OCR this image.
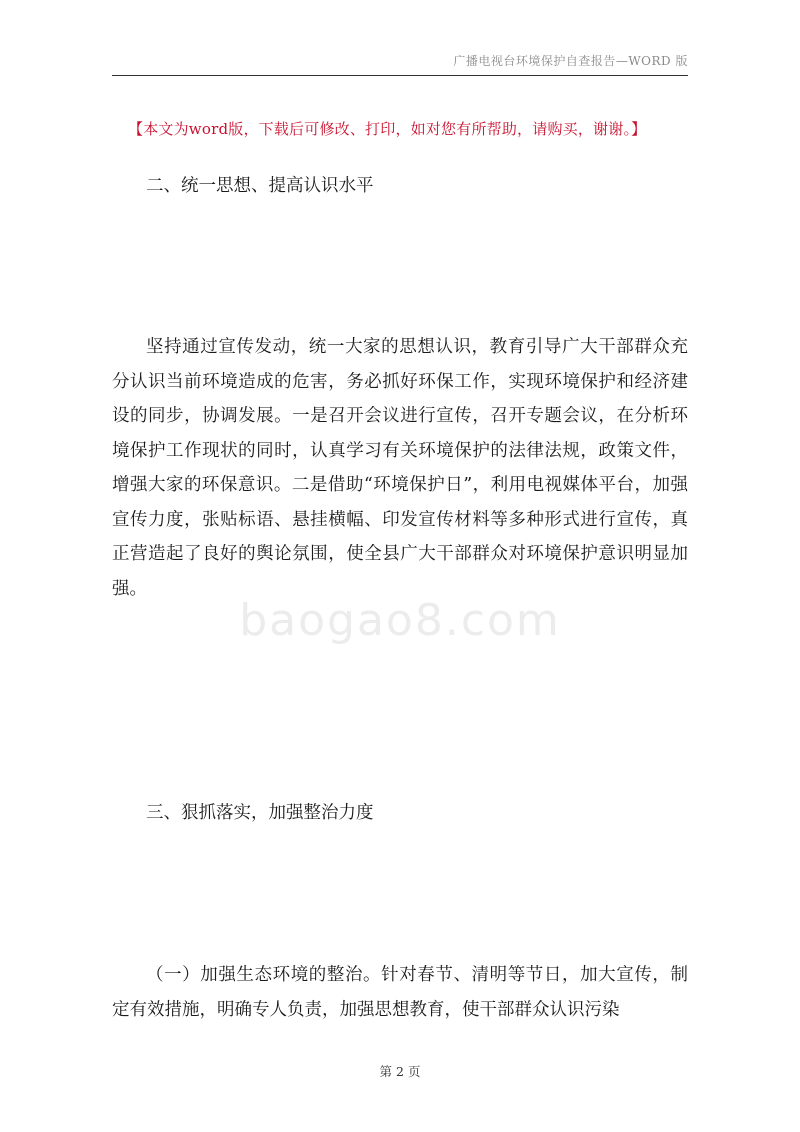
广播电视台环境保护自查报告—WORD 版
baogao8.com
【本文为word版，下载后可修改、打印，如对您有所帮助，请购买，谢谢。】
二、统一思想、提高认识水平

坚持通过宣传发动，统一大家的思想认识，教育引导广大干部群众充分认识当前环境造成的危害，务必抓好环保工作，实现环境保护和经济建设的同步，协调发展。一是召开会议进行宣传，召开专题会议，在分析环境保护工作现状的同时，认真学习有关环境保护的法律法规，政策文件，增强大家的环保意识。二是借助“环境保护日”，利用电视媒体平台，加强宣传力度，张贴标语、悬挂横幅、印发宣传材料等多种形式进行宣传，真正营造起了良好的舆论氛围，使全县广大干部群众对环境保护意识明显加强。

三、狠抓落实，加强整治力度

（一）加强生态环境的整治。针对春节、清明等节日，加大宣传，制定有效措施，明确专人负责，加强思想教育，使干部群众认识污染

第 2 页
